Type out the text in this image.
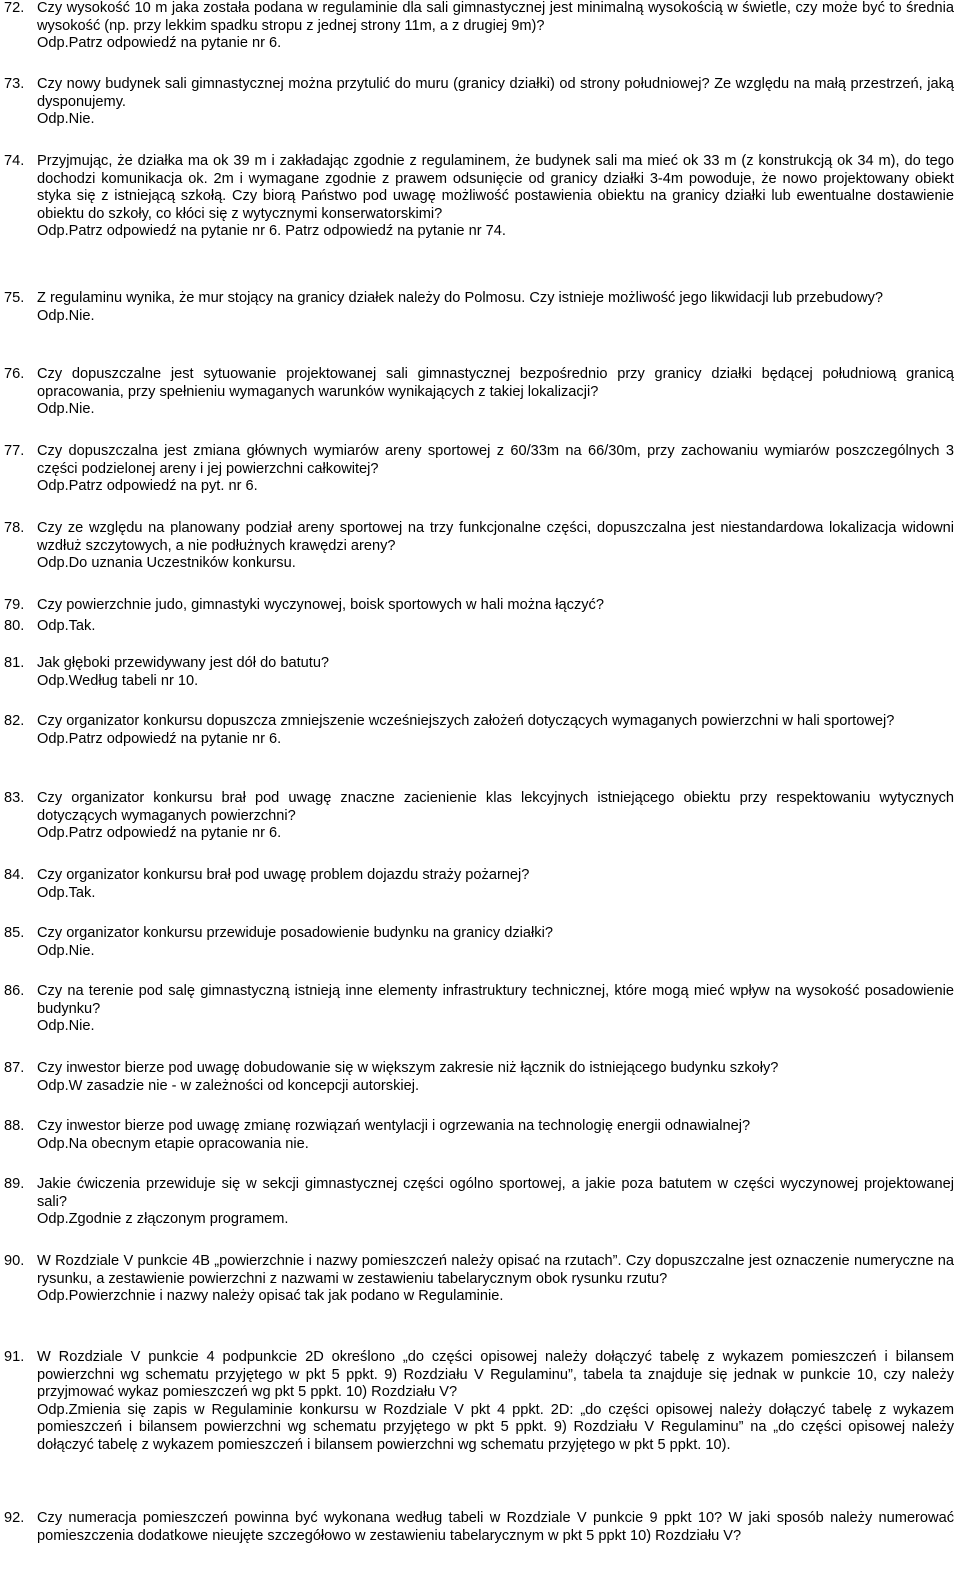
72. Czy wysokość 10 m jaka została podana w regulaminie dla sali gimnastycznej jest minimalną wysokością w świetle, czy może być to średnia wysokość (np. przy lekkim spadku stropu z jednej strony 11m, a z drugiej 9m)?

Odp.Patrz odpowiedź na pytanie nr 6.

73. Czy nowy budynek sali gimnastycznej można przytulić do muru (granicy działki) od strony południowej? Ze względu na małą przestrzeń, jaką dysponujemy.

Odp.Nie.

74. Przyjmując, że działka ma ok 39 m i zakładając zgodnie z regulaminem, że budynek sali ma mieć ok 33 m (z konstrukcją ok 34 m), do tego dochodzi komunikacja ok. 2m i wymagane zgodnie z prawem odsunięcie od granicy działki 3-4m powoduje, że nowo projektowany obiekt styka się z istniejącą szkołą. Czy biorą Państwo pod uwagę możliwość postawienia obiektu na granicy działki lub ewentualne dostawienie obiektu do szkoły, co kłóci się z wytycznymi konserwatorskimi?

Odp.Patrz odpowiedź na pytanie nr 6. Patrz odpowiedź na pytanie nr 74.

75. Z regulaminu wynika, że mur stojący na granicy działek należy do Polmosu. Czy istnieje możliwość jego likwidacji lub przebudowy?

Odp.Nie.

76. Czy dopuszczalne jest sytuowanie projektowanej sali gimnastycznej bezpośrednio przy granicy działki będącej południową granicą opracowania, przy spełnieniu wymaganych warunków wynikających z takiej lokalizacji?

Odp.Nie.

77. Czy dopuszczalna jest zmiana głównych wymiarów areny sportowej z 60/33m na 66/30m, przy zachowaniu wymiarów poszczególnych 3 części podzielonej areny i jej powierzchni całkowitej?

Odp.Patrz odpowiedź na pyt. nr 6.

78. Czy ze względu na planowany podział areny sportowej na trzy funkcjonalne części, dopuszczalna jest niestandardowa lokalizacja widowni wzdłuż szczytowych, a nie podłużnych krawędzi areny?

Odp.Do uznania Uczestników konkursu.

79. Czy powierzchnie judo, gimnastyki wyczynowej, boisk sportowych w hali można łączyć?

80. Odp.Tak.

81. Jak głęboki przewidywany jest dół do batutu?

Odp.Według tabeli nr 10.

82. Czy organizator konkursu dopuszcza zmniejszenie wcześniejszych założeń dotyczących wymaganych powierzchni w hali sportowej?

Odp.Patrz odpowiedź na pytanie nr 6.

83. Czy organizator konkursu brał pod uwagę znaczne zacienienie klas lekcyjnych istniejącego obiektu przy respektowaniu wytycznych dotyczących wymaganych powierzchni?

Odp.Patrz odpowiedź na pytanie nr 6.

84. Czy organizator konkursu brał pod uwagę problem dojazdu straży pożarnej?

Odp.Tak.

85. Czy organizator konkursu przewiduje posadowienie budynku na granicy działki?

Odp.Nie.

86. Czy na terenie pod salę gimnastyczną istnieją inne elementy infrastruktury technicznej, które mogą mieć wpływ na wysokość posadowienie budynku?

Odp.Nie.

87. Czy inwestor bierze pod uwagę dobudowanie się w większym zakresie niż łącznik do istniejącego budynku szkoły?

Odp.W zasadzie nie - w zależności od koncepcji autorskiej.

88. Czy inwestor bierze pod uwagę zmianę rozwiązań wentylacji i ogrzewania na technologię energii odnawialnej?

Odp.Na obecnym etapie opracowania nie.

89. Jakie ćwiczenia przewiduje się w sekcji gimnastycznej części ogólno sportowej, a jakie poza batutem w części wyczynowej projektowanej sali?

Odp.Zgodnie z złączonym programem.

90. W Rozdziale V punkcie 4B „powierzchnie i nazwy pomieszczeń należy opisać na rzutach”. Czy dopuszczalne jest oznaczenie numeryczne na rysunku, a zestawienie powierzchni z nazwami w zestawieniu tabelarycznym obok rysunku rzutu?

Odp.Powierzchnie i nazwy należy opisać tak jak podano w Regulaminie.

91. W Rozdziale V punkcie 4 podpunkcie 2D określono „do części opisowej należy dołączyć tabelę z wykazem pomieszczeń i bilansem powierzchni wg schematu przyjętego w pkt 5 ppkt. 9) Rozdziału V Regulaminu”, tabela ta znajduje się jednak w punkcie 10, czy należy przyjmować wykaz pomieszczeń wg pkt 5 ppkt. 10) Rozdziału V?

Odp.Zmienia się zapis w Regulaminie konkursu w Rozdziale V pkt 4 ppkt. 2D: „do części opisowej należy dołączyć tabelę z wykazem pomieszczeń i bilansem powierzchni wg schematu przyjętego w pkt 5 ppkt. 9) Rozdziału V Regulaminu” na „do części opisowej należy dołączyć tabelę z wykazem pomieszczeń i bilansem powierzchni wg schematu przyjętego w pkt 5 ppkt. 10).

92. Czy numeracja pomieszczeń powinna być wykonana według tabeli w Rozdziale V punkcie 9 ppkt 10? W jaki sposób należy numerować pomieszczenia dodatkowe nieujęte szczegółowo w zestawieniu tabelarycznym w pkt 5 ppkt 10) Rozdziału V?
